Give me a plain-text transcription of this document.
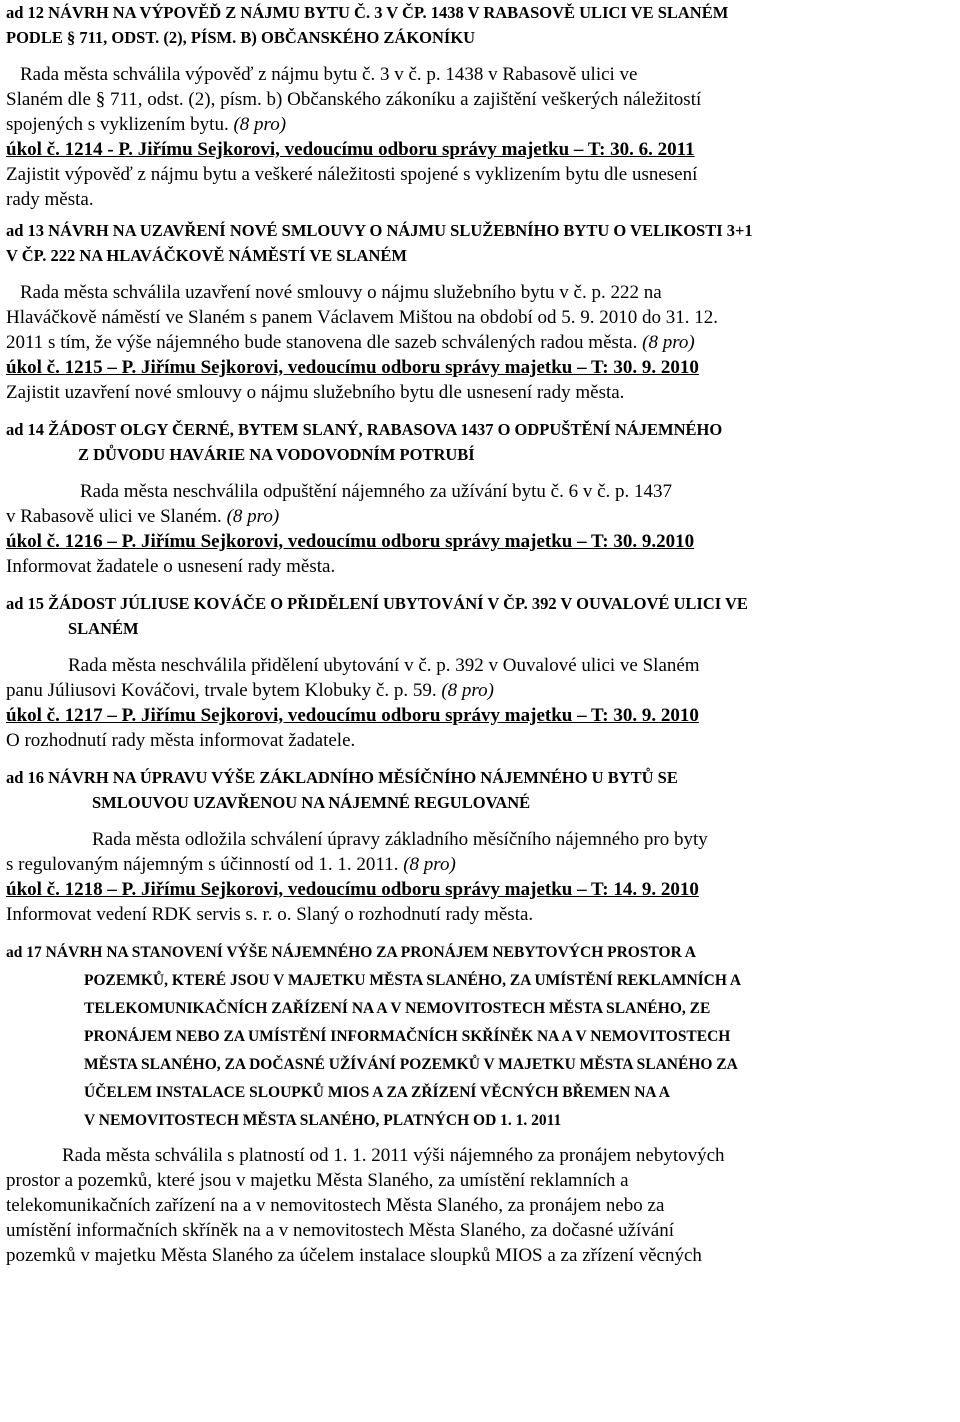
ad 12 NÁVRH NA VÝPOVĚĎ Z NÁJMU BYTU Č. 3 V ČP. 1438 V RABASOVĚ ULICI VE SLANÉM
PODLE § 711, ODST. (2), PÍSM. B) OBČANSKÉHO ZÁKONÍKU
Rada města schválila výpověď z nájmu bytu č. 3 v č. p. 1438 v Rabasově ulici ve
Slaném dle § 711, odst. (2), písm. b) Občanského zákoníku a zajištění veškerých náležitostí
spojených s vyklizením bytu. (8 pro)
úkol č. 1214 - P. Jiřímu Sejkorovi, vedoucímu odboru správy majetku – T: 30. 6. 2011
Zajistit výpověď z nájmu bytu a veškeré náležitosti spojené s vyklizením bytu dle usnesení
rady města.
ad 13 NÁVRH NA UZAVŘENÍ NOVÉ SMLOUVY O NÁJMU SLUŽEBNÍHO BYTU O VELIKOSTI 3+1
V ČP. 222 NA HLAVÁČKOVĚ NÁMĚSTÍ VE SLANÉM
Rada města schválila uzavření nové smlouvy o nájmu služebního bytu v č. p. 222 na
Hlaváčkově náměstí ve Slaném s panem Václavem Mištou na období od 5. 9. 2010 do 31. 12.
2011 s tím, že výše nájemného bude stanovena dle sazeb schválených radou města. (8 pro)
úkol č. 1215 – P. Jiřímu Sejkorovi, vedoucímu odboru správy majetku – T: 30. 9. 2010
Zajistit uzavření nové smlouvy o nájmu služebního bytu dle usnesení rady města.
ad 14 ŽÁDOST OLGY ČERNÉ, BYTEM SLANÝ, RABASOVA 1437 O ODPUŠTĚNÍ NÁJEMNÉHO
Z DŮVODU HAVÁRIE NA VODOVODNÍM POTRUBÍ
Rada města neschválila odpuštění nájemného za užívání bytu č. 6 v č. p. 1437
v Rabasově ulici ve Slaném. (8 pro)
úkol č. 1216 – P. Jiřímu Sejkorovi, vedoucímu odboru správy majetku – T: 30. 9.2010
Informovat žadatele o usnesení rady města.
ad 15 ŽÁDOST JÚLIUSE KOVÁČE O PŘIDĚLENÍ UBYTOVÁNÍ V ČP. 392 V OUVALOVÉ ULICI VE
SLANÉM
Rada města neschválila přidělení ubytování v č. p. 392 v Ouvalové ulici ve Slaném
panu Júliusovi Kováčovi, trvale bytem Klobuky č. p. 59. (8 pro)
úkol č. 1217 – P. Jiřímu Sejkorovi, vedoucímu odboru správy majetku – T: 30. 9. 2010
O rozhodnutí rady města informovat žadatele.
ad 16 NÁVRH NA ÚPRAVU VÝŠE ZÁKLADNÍHO MĚSÍČNÍHO NÁJEMNÉHO U BYTŮ SE
SMLOUVOU UZAVŘENOU NA NÁJEMNÉ REGULOVANÉ
Rada města odložila schválení úpravy základního měsíčního nájemného pro byty
s regulovaným nájemným s účinností od 1. 1. 2011. (8 pro)
úkol č. 1218 – P. Jiřímu Sejkorovi, vedoucímu odboru správy majetku – T: 14. 9. 2010
Informovat vedení RDK servis s. r. o. Slaný o rozhodnutí rady města.
ad 17 NÁVRH NA STANOVENÍ VÝŠE NÁJEMNÉHO ZA PRONÁJEM NEBYTOVÝCH PROSTOR A
POZEMKŮ, KTERÉ JSOU V MAJETKU MĚSTA SLANÉHO, ZA UMÍSTĚNÍ REKLAMNÍCH A
TELEKOMUNIKAČNÍCH ZAŘÍZENÍ NA A V NEMOVITOSTECH MĚSTA SLANÉHO, ZE
PRONÁJEM NEBO ZA UMÍSTĚNÍ INFORMAČNÍCH SKŘÍNĚK NA A V NEMOVITOSTECH
MĚSTA SLANÉHO, ZA DOČASNÉ UŽÍVÁNÍ POZEMKŮ V MAJETKU MĚSTA SLANÉHO ZA
ÚČELEM INSTALACE SLOUPKŮ MIOS A ZA ZŘÍZENÍ VĚCNÝCH BŘEMEN NA A
V NEMOVITOSTECH MĚSTA SLANÉHO, PLATNÝCH OD 1. 1. 2011
Rada města schválila s platností od 1. 1. 2011 výši nájemného za pronájem nebytových
prostor a pozemků, které jsou v majetku Města Slaného, za umístění reklamních a
telekomunikačních zařízení na a v nemovitostech Města Slaného, za pronájem nebo za
umístění informačních skříněk na a v nemovitostech Města Slaného, za dočasné užívání
pozemků v majetku Města Slaného za účelem instalace sloupků MIOS a za zřízení věcných
